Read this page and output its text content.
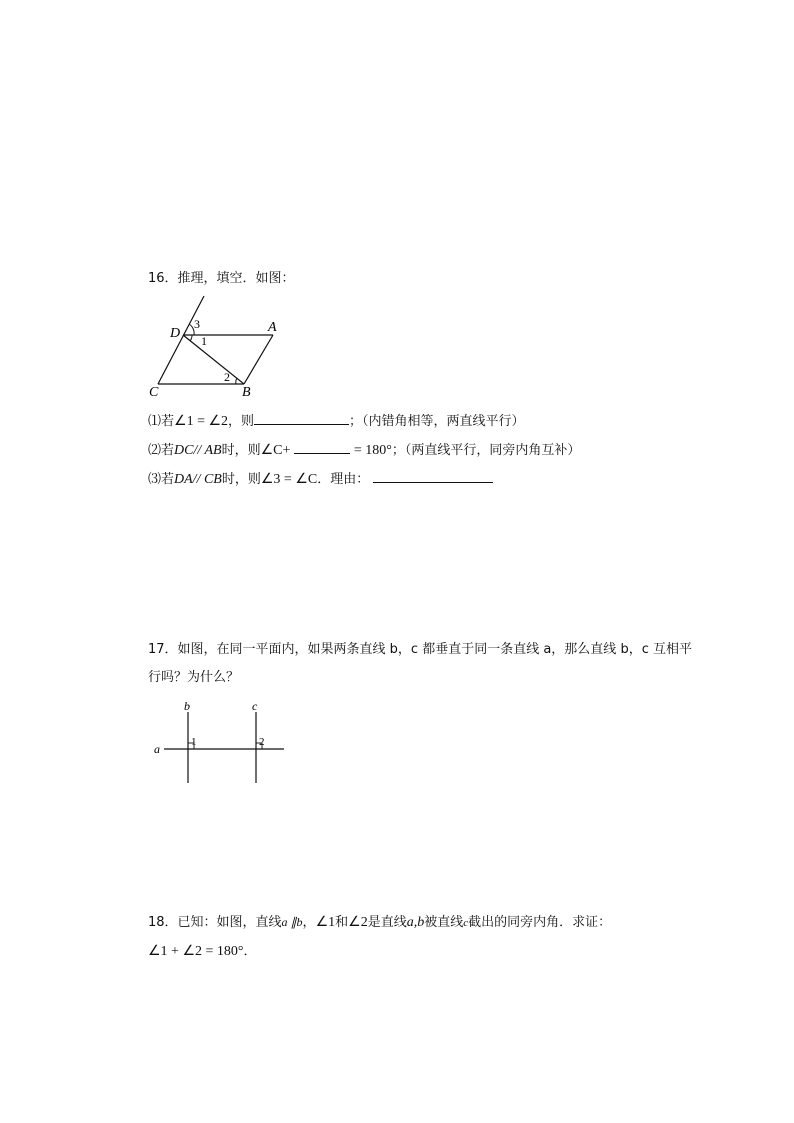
16．推理，填空．如图：
D	A
C	B
3
1
2
⑴若∠1 = ∠2，则	；（内错角相等，两直线平行）
⑵若DC// AB时，则∠C+	= 180°；（两直线平行，同旁内角互补）
⑶若DA// CB时，则∠3 = ∠C．理由：
17．如图，在同一平面内，如果两条直线 b，c 都垂直于同一条直线 a，那么直线 b，c 互相平
行吗？为什么？
a
b	c
1	2
18．已知：如图，直线a ∥b，∠1和∠2是直线a,b被直线c截出的同旁内角．求证：
∠1 + ∠2 = 180°．
